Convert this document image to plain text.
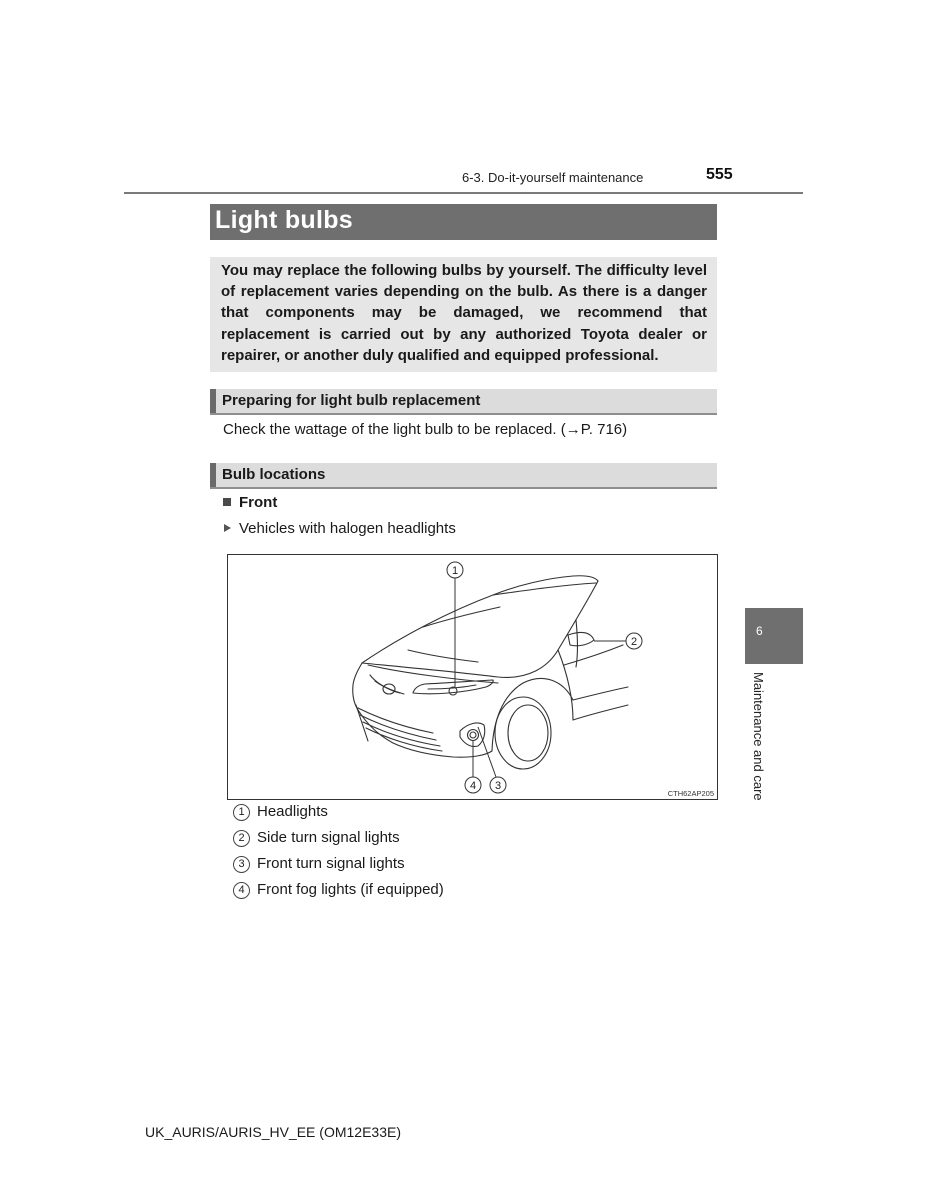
6-3. Do-it-yourself maintenance	555
Light bulbs
You may replace the following bulbs by yourself. The difficulty level of replacement varies depending on the bulb. As there is a danger that components may be damaged, we recommend that replacement is carried out by any authorized Toyota dealer or repairer, or another duly qualified and equipped professional.
Preparing for light bulb replacement
Check the wattage of the light bulb to be replaced. (→P. 716)
Bulb locations
Front
Vehicles with halogen headlights
1
2
3
4
CTH62AP205
1 Headlights
2 Side turn signal lights
3 Front turn signal lights
4 Front fog lights (if equipped)
6
Maintenance and care
UK_AURIS/AURIS_HV_EE (OM12E33E)
